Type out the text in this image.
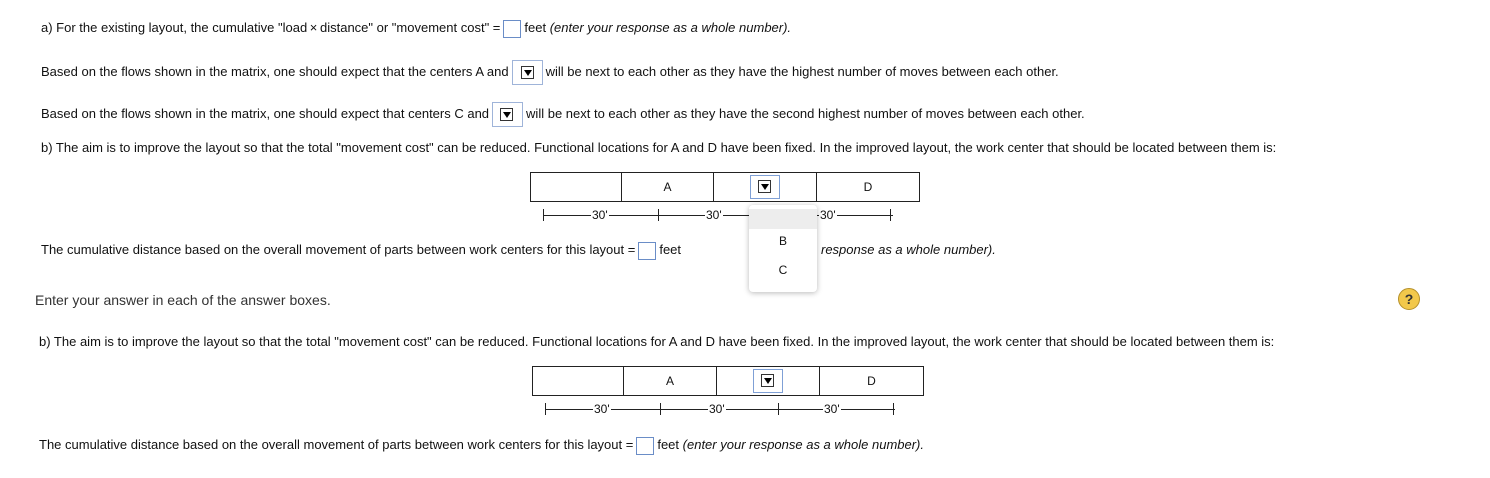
a) For the existing layout, the cumulative "load × distance" or "movement cost" = feet (enter your response as a whole number).
Based on the flows shown in the matrix, one should expect that the centers A and	will be next to each other as they have the highest number of moves between each other.
Based on the flows shown in the matrix, one should expect that centers C and	will be next to each other as they have the second highest number of moves between each other.
b) The aim is to improve the layout so that the total "movement cost" can be reduced. Functional locations for A and D have been fixed. In the improved layout, the work center that should be located between them is:
A	D
30'	30'	30'
The cumulative distance based on the overall movement of parts between work centers for this layout = feet	response as a whole number).
B
C
Enter your answer in each of the answer boxes.	?
b) The aim is to improve the layout so that the total "movement cost" can be reduced. Functional locations for A and D have been fixed. In the improved layout, the work center that should be located between them is:
A	D
30'	30'	30'
The cumulative distance based on the overall movement of parts between work centers for this layout = feet (enter your response as a whole number).
